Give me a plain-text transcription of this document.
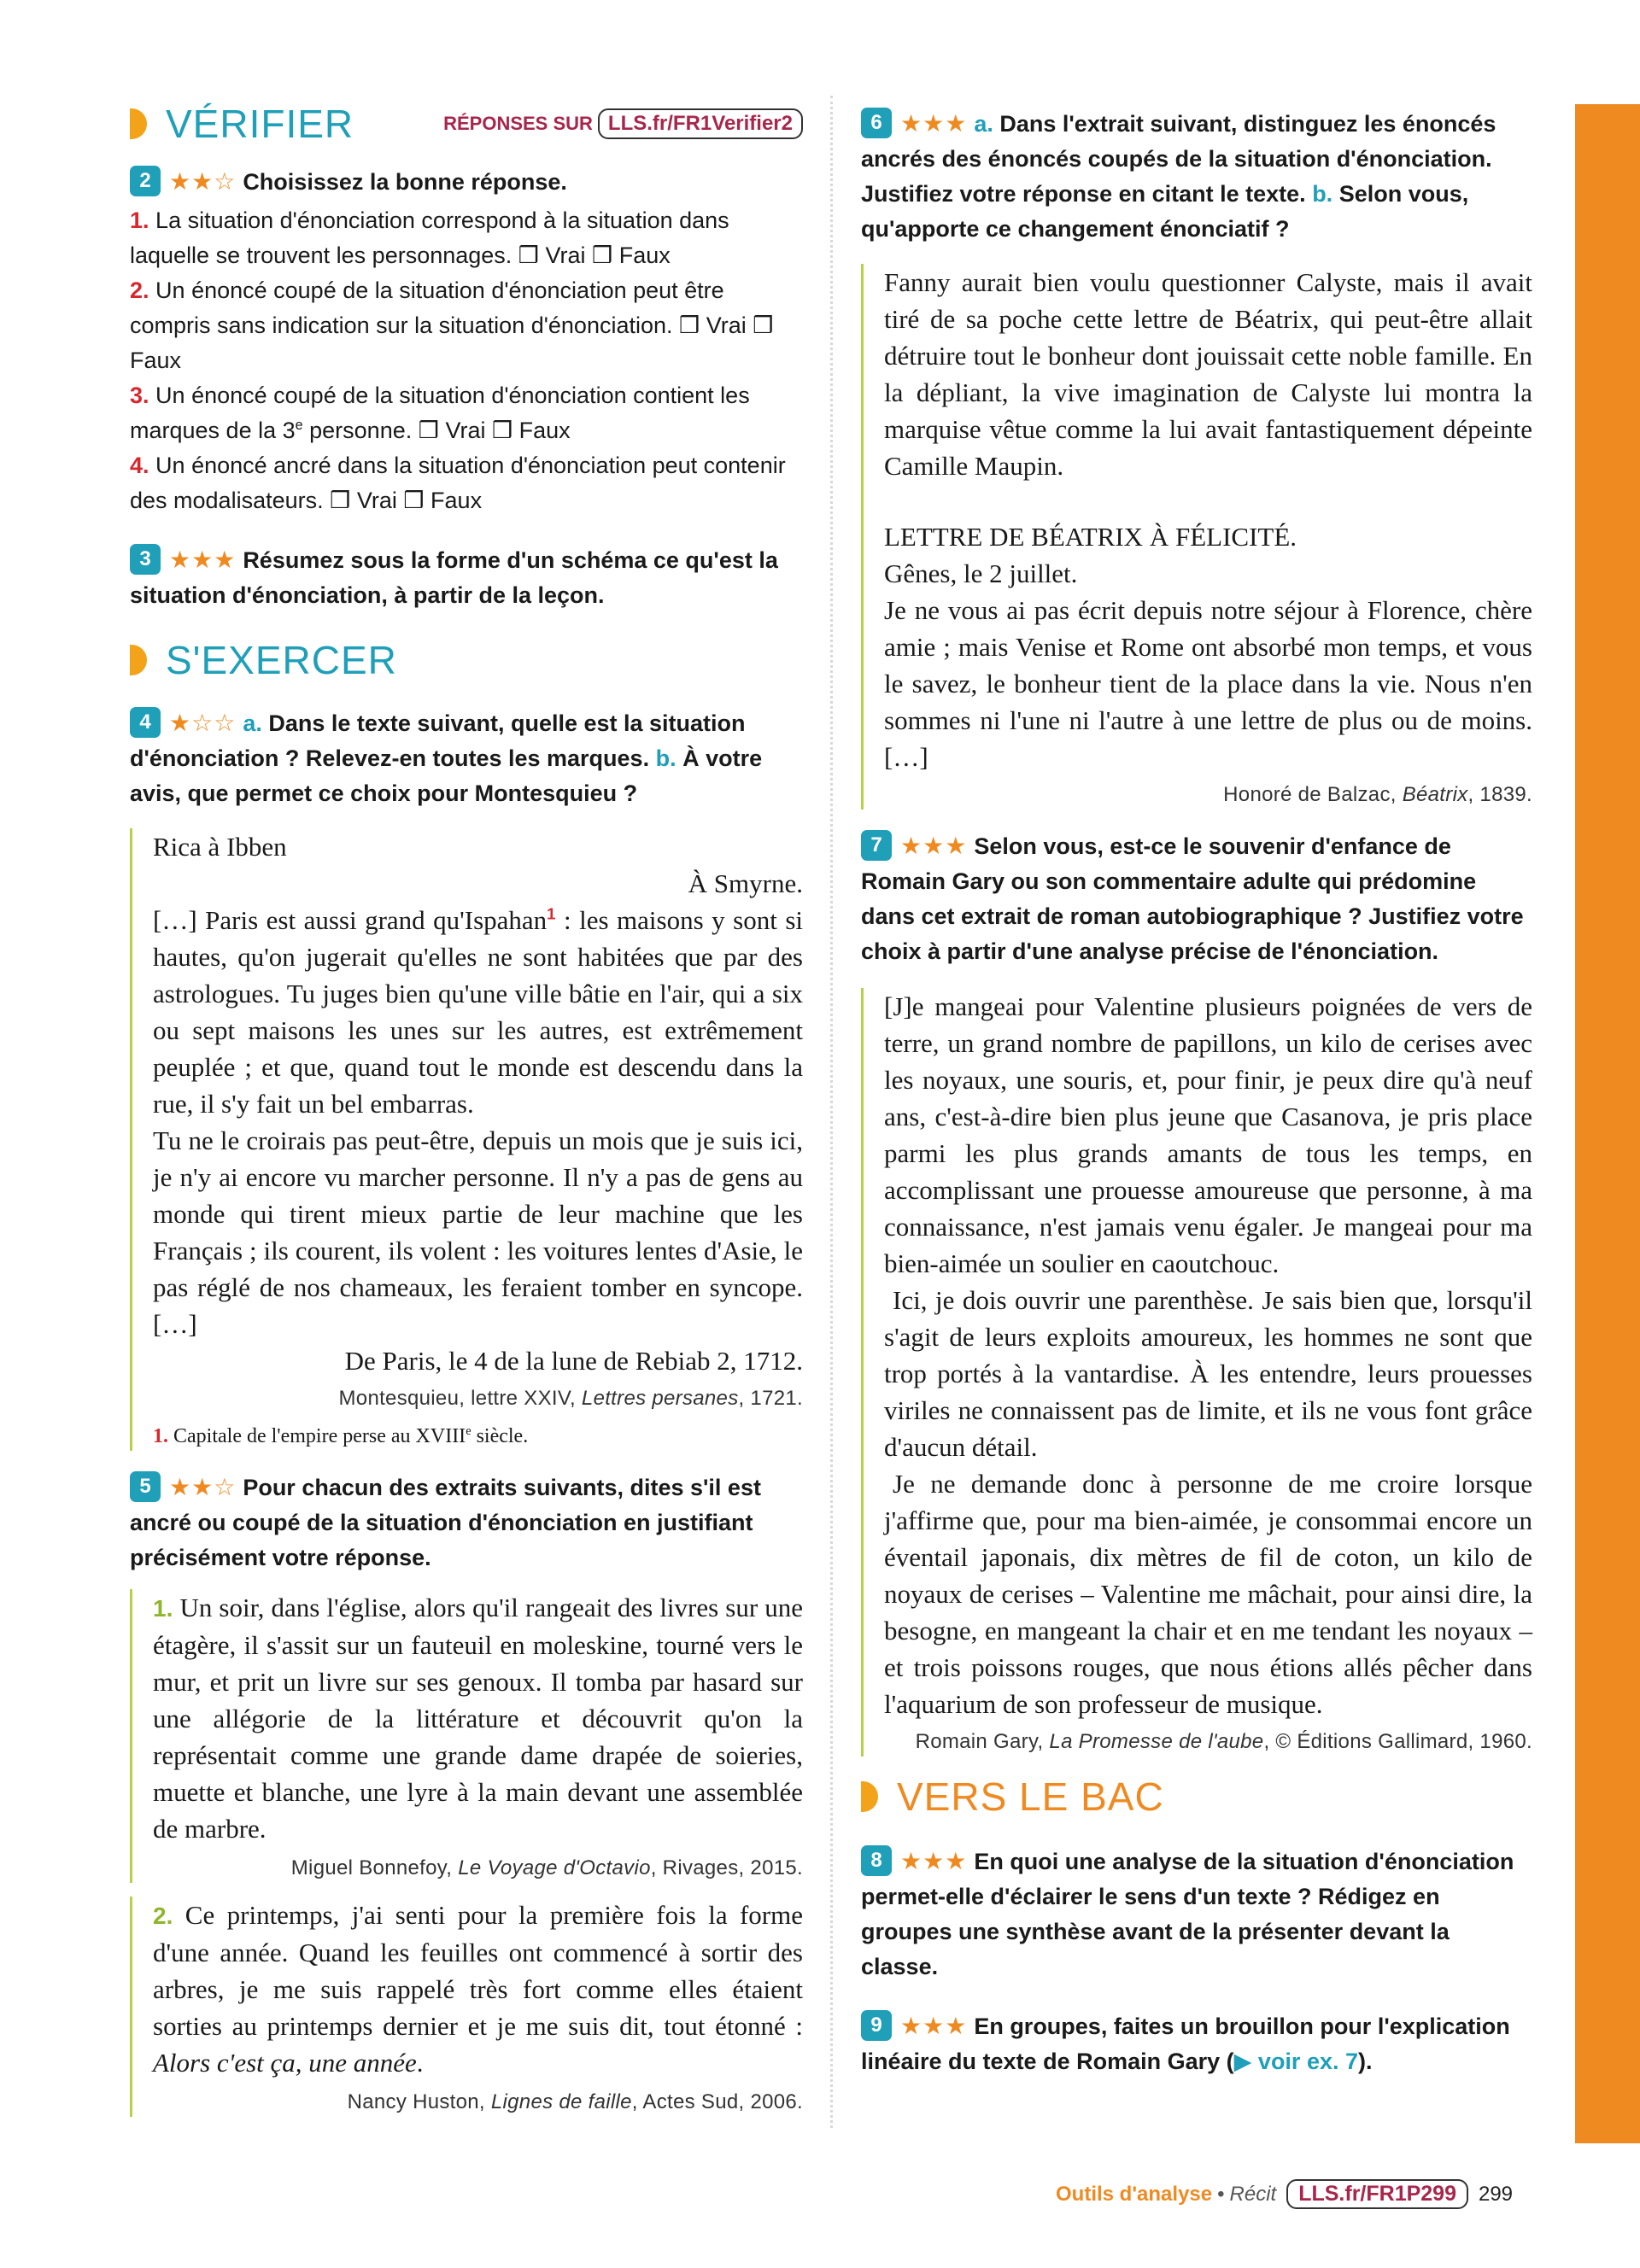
VÉRIFIER	RÉPONSES SUR LLS.fr/FR1Verifier2

2 ★★☆ Choisissez la bonne réponse.

1. La situation d'énonciation correspond à la situation dans laquelle se trouvent les personnages. ❒ Vrai ❒ Faux

2. Un énoncé coupé de la situation d'énonciation peut être compris sans indication sur la situation d'énonciation. ❒ Vrai ❒ Faux

3. Un énoncé coupé de la situation d'énonciation contient les marques de la 3e personne. ❒ Vrai ❒ Faux

4. Un énoncé ancré dans la situation d'énonciation peut contenir des modalisateurs. ❒ Vrai ❒ Faux

3 ★★★ Résumez sous la forme d'un schéma ce qu'est la situation d'énonciation, à partir de la leçon.

S'EXERCER

4 ★☆☆ a. Dans le texte suivant, quelle est la situation d'énonciation ? Relevez-en toutes les marques. b. À votre avis, que permet ce choix pour Montesquieu ?

Rica à Ibben

À Smyrne.

[…] Paris est aussi grand qu'Ispahan$^1$ : les maisons y sont si hautes, qu'on jugerait qu'elles ne sont habitées que par des astrologues. Tu juges bien qu'une ville bâtie en l'air, qui a six ou sept maisons les unes sur les autres, est extrêmement peuplée ; et que, quand tout le monde est descendu dans la rue, il s'y fait un bel embarras.

Tu ne le croirais pas peut-être, depuis un mois que je suis ici, je n'y ai encore vu marcher personne. Il n'y a pas de gens au monde qui tirent mieux partie de leur machine que les Français ; ils courent, ils volent : les voitures lentes d'Asie, le pas réglé de nos chameaux, les feraient tomber en syncope. […]

De Paris, le 4 de la lune de Rebiab 2, 1712.

Montesquieu, lettre XXIV, Lettres persanes, 1721.

1. Capitale de l'empire perse au XVIIIe siècle.

5 ★★☆ Pour chacun des extraits suivants, dites s'il est ancré ou coupé de la situation d'énonciation en justifiant précisément votre réponse.

1. Un soir, dans l'église, alors qu'il rangeait des livres sur une étagère, il s'assit sur un fauteuil en moleskine, tourné vers le mur, et prit un livre sur ses genoux. Il tomba par hasard sur une allégorie de la littérature et découvrit qu'on la représentait comme une grande dame drapée de soieries, muette et blanche, une lyre à la main devant une assemblée de marbre.

Miguel Bonnefoy, Le Voyage d'Octavio, Rivages, 2015.

2. Ce printemps, j'ai senti pour la première fois la forme d'une année. Quand les feuilles ont commencé à sortir des arbres, je me suis rappelé très fort comme elles étaient sorties au printemps dernier et je me suis dit, tout étonné : Alors c'est ça, une année.

Nancy Huston, Lignes de faille, Actes Sud, 2006.

6 ★★★ a. Dans l'extrait suivant, distinguez les énoncés ancrés des énoncés coupés de la situation d'énonciation. Justifiez votre réponse en citant le texte. b. Selon vous, qu'apporte ce changement énonciatif ?

Fanny aurait bien voulu questionner Calyste, mais il avait tiré de sa poche cette lettre de Béatrix, qui peut-être allait détruire tout le bonheur dont jouissait cette noble famille. En la dépliant, la vive imagination de Calyste lui montra la marquise vêtue comme la lui avait fantastiquement dépeinte Camille Maupin.

LETTRE DE BÉATRIX À FÉLICITÉ.

Gênes, le 2 juillet.

Je ne vous ai pas écrit depuis notre séjour à Florence, chère amie ; mais Venise et Rome ont absorbé mon temps, et vous le savez, le bonheur tient de la place dans la vie. Nous n'en sommes ni l'une ni l'autre à une lettre de plus ou de moins. […]

Honoré de Balzac, Béatrix, 1839.

7 ★★★ Selon vous, est-ce le souvenir d'enfance de Romain Gary ou son commentaire adulte qui prédomine dans cet extrait de roman autobiographique ? Justifiez votre choix à partir d'une analyse précise de l'énonciation.

[J]e mangeai pour Valentine plusieurs poignées de vers de terre, un grand nombre de papillons, un kilo de cerises avec les noyaux, une souris, et, pour finir, je peux dire qu'à neuf ans, c'est-à-dire bien plus jeune que Casanova, je pris place parmi les plus grands amants de tous les temps, en accomplissant une prouesse amoureuse que personne, à ma connaissance, n'est jamais venu égaler. Je mangeai pour ma bien-aimée un soulier en caoutchouc.

Ici, je dois ouvrir une parenthèse. Je sais bien que, lorsqu'il s'agit de leurs exploits amoureux, les hommes ne sont que trop portés à la vantardise. À les entendre, leurs prouesses viriles ne connaissent pas de limite, et ils ne vous font grâce d'aucun détail.

Je ne demande donc à personne de me croire lorsque j'affirme que, pour ma bien-aimée, je consommai encore un éventail japonais, dix mètres de fil de coton, un kilo de noyaux de cerises – Valentine me mâchait, pour ainsi dire, la besogne, en mangeant la chair et en me tendant les noyaux – et trois poissons rouges, que nous étions allés pêcher dans l'aquarium de son professeur de musique.

Romain Gary, La Promesse de l'aube, © Éditions Gallimard, 1960.

VERS LE BAC

8 ★★★ En quoi une analyse de la situation d'énonciation permet-elle d'éclairer le sens d'un texte ? Rédigez en groupes une synthèse avant de la présenter devant la classe.

9 ★★★ En groupes, faites un brouillon pour l'explication linéaire du texte de Romain Gary (▶ voir ex. 7).

Outils d'analyse • Récit	LLS.fr/FR1P299	299
